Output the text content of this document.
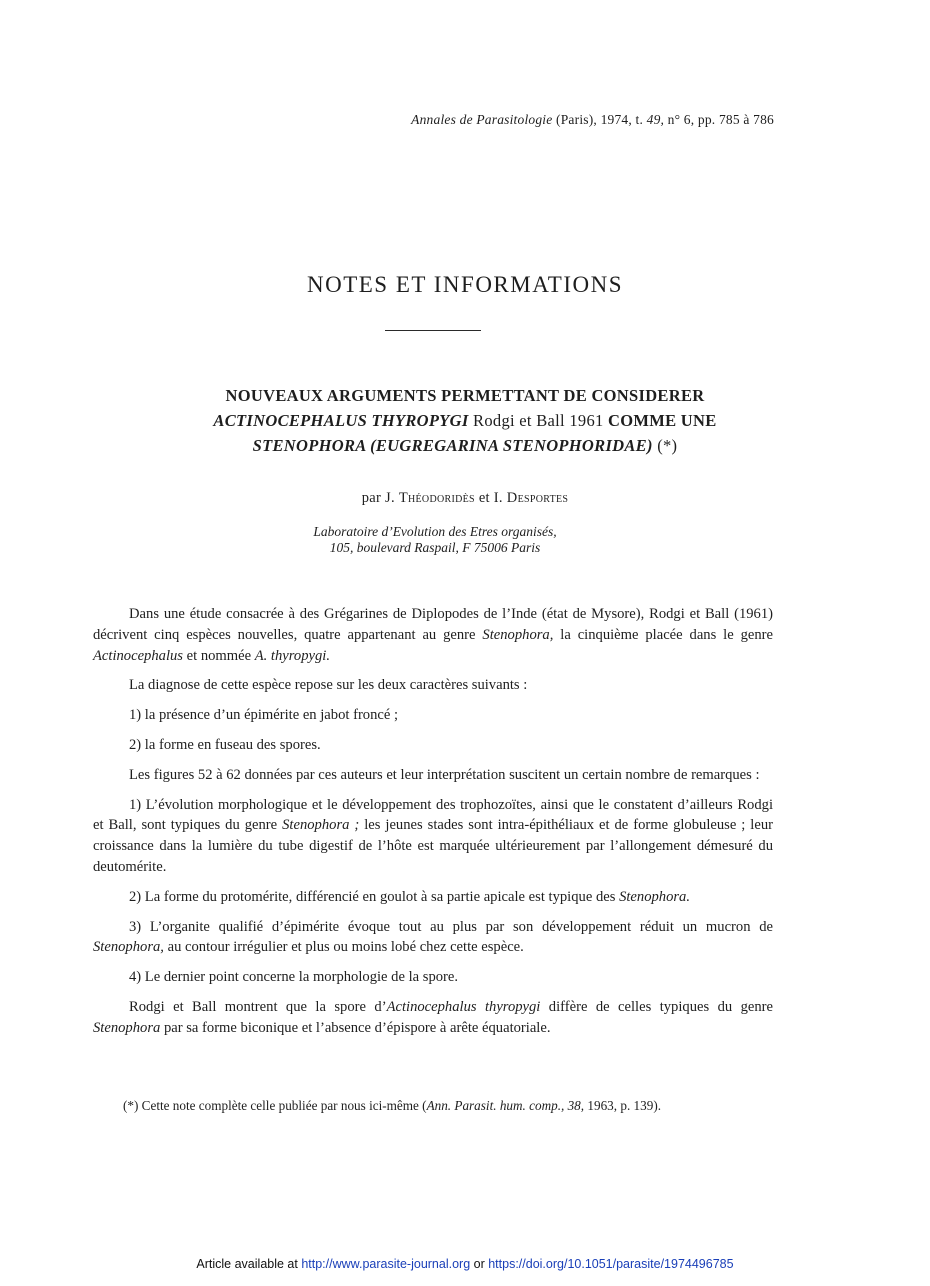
Annales de Parasitologie (Paris), 1974, t. 49, n° 6, pp. 785 à 786
NOTES ET INFORMATIONS
NOUVEAUX ARGUMENTS PERMETTANT DE CONSIDERER
ACTINOCEPHALUS THYROPYGI Rodgi et Ball 1961 COMME UNE
STENOPHORA (EUGREGARINA STENOPHORIDAE) (*)
par J. Théodoridès et I. Desportes
Laboratoire d’Evolution des Etres organisés,
105, boulevard Raspail, F 75006 Paris

Dans une étude consacrée à des Grégarines de Diplopodes de l’Inde (état de Mysore), Rodgi et Ball (1961) décrivent cinq espèces nouvelles, quatre appartenant au genre Stenophora, la cinquième placée dans le genre Actinocephalus et nommée A. thyropygi.

La diagnose de cette espèce repose sur les deux caractères suivants :

1) la présence d’un épimérite en jabot froncé ;

2) la forme en fuseau des spores.

Les figures 52 à 62 données par ces auteurs et leur interprétation suscitent un certain nombre de remarques :

1) L’évolution morphologique et le développement des trophozoïtes, ainsi que le constatent d’ailleurs Rodgi et Ball, sont typiques du genre Stenophora ; les jeunes stades sont intra-épithéliaux et de forme globuleuse ; leur croissance dans la lumière du tube digestif de l’hôte est marquée ultérieurement par l’allongement démesuré du deutomérite.

2) La forme du protomérite, différencié en goulot à sa partie apicale est typique des Stenophora.

3) L’organite qualifié d’épimérite évoque tout au plus par son développement réduit un mucron de Stenophora, au contour irrégulier et plus ou moins lobé chez cette espèce.

4) Le dernier point concerne la morphologie de la spore.

Rodgi et Ball montrent que la spore d’Actinocephalus thyropygi diffère de celles typiques du genre Stenophora par sa forme biconique et l’absence d’épispore à arête équatoriale.

(*) Cette note complète celle publiée par nous ici-même (Ann. Parasit. hum. comp., 38, 1963, p. 139).
Article available at http://www.parasite-journal.org or https://doi.org/10.1051/parasite/1974496785
